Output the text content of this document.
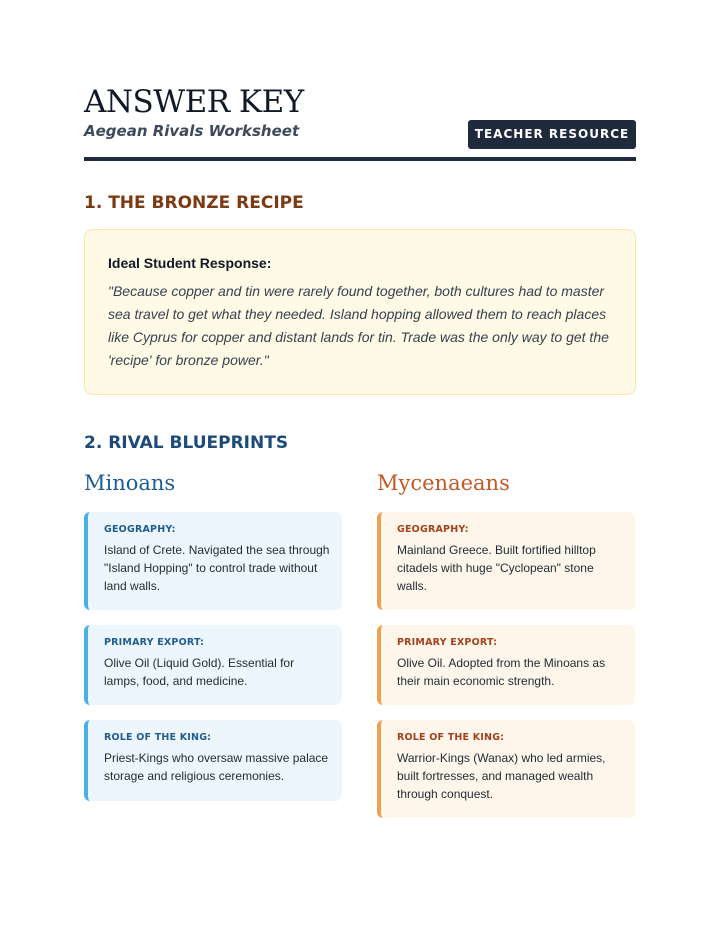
ANSWER KEY
Aegean Rivals Worksheet	TEACHER RESOURCE
1. THE BRONZE RECIPE
Ideal Student Response:
"Because copper and tin were rarely found together, both cultures had to master sea travel to get what they needed. Island hopping allowed them to reach places like Cyprus for copper and distant lands for tin. Trade was the only way to get the 'recipe' for bronze power."
2. RIVAL BLUEPRINTS
Minoans	Mycenaeans
GEOGRAPHY:
Island of Crete. Navigated the sea through "Island Hopping" to control trade without land walls.
PRIMARY EXPORT:
Olive Oil (Liquid Gold). Essential for lamps, food, and medicine.
ROLE OF THE KING:
Priest-Kings who oversaw massive palace storage and religious ceremonies.
GEOGRAPHY:
Mainland Greece. Built fortified hilltop citadels with huge "Cyclopean" stone walls.
PRIMARY EXPORT:
Olive Oil. Adopted from the Minoans as their main economic strength.
ROLE OF THE KING:
Warrior-Kings (Wanax) who led armies, built fortresses, and managed wealth through conquest.
